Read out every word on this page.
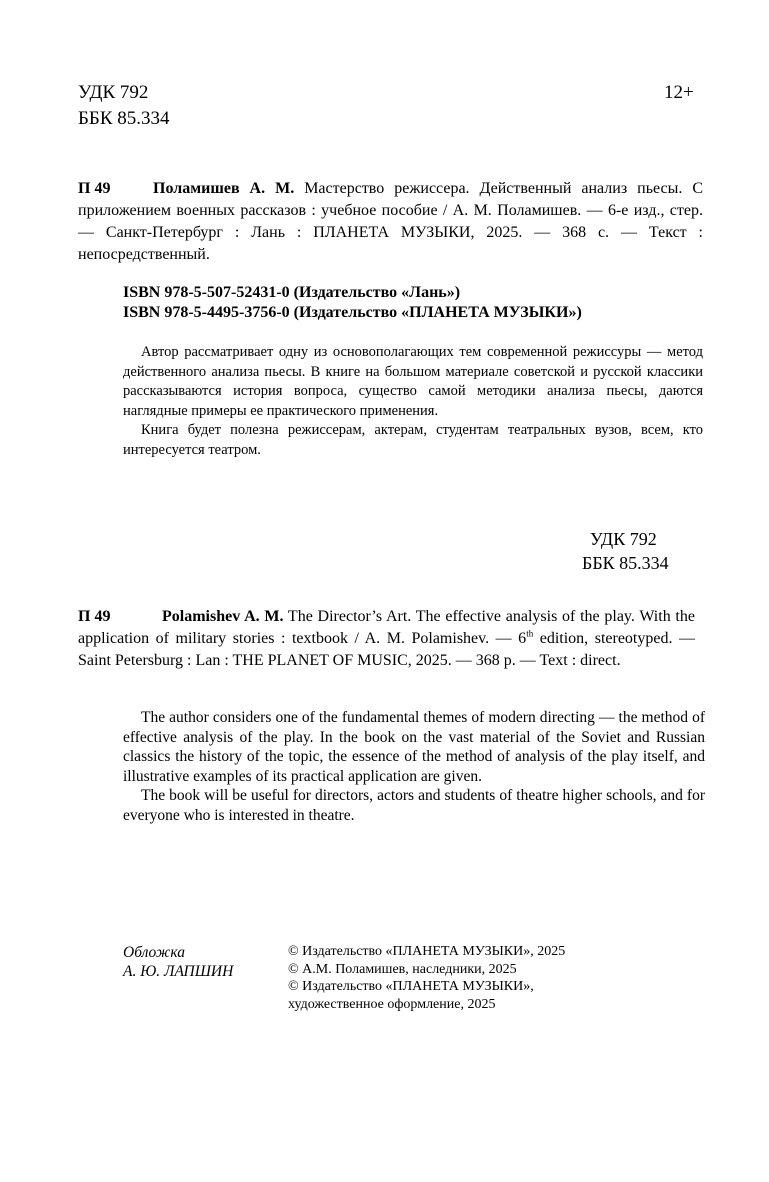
УДК 792
ББК 85.334
12+
П 49	Поламишев А. М. Мастерство режиссера. Действенный анализ пьесы. С приложением военных рассказов : учебное пособие / А. М. Поламишев. — 6-е изд., стер. — Санкт-Петербург : Лань : ПЛАНЕТА МУЗЫКИ, 2025. — 368 с. — Текст : непосредственный.

ISBN 978-5-507-52431-0 (Издательство «Лань»)
ISBN 978-5-4495-3756-0 (Издательство «ПЛАНЕТА МУЗЫКИ»)

Автор рассматривает одну из основополагающих тем современной режиссуры — метод действенного анализа пьесы. В книге на большом материале советской и русской классики рассказываются история вопроса, существо самой методики анализа пьесы, даются наглядные примеры ее практического применения.

Книга будет полезна режиссерам, актерам, студентам театральных вузов, всем, кто интересуется театром.

УДК 792
ББК 85.334
П 49	Polamishev A. M. The Director’s Art. The effective analysis of the play. With the application of military stories : textbook / A. M. Polamishev. — 6th edition, stereotyped. — Saint Petersburg : Lan : THE PLANET OF MUSIC, 2025. — 368 p. — Text : direct.

The author considers one of the fundamental themes of modern directing — the method of effective analysis of the play. In the book on the vast material of the Soviet and Russian classics the history of the topic, the essence of the method of analysis of the play itself, and illustrative examples of its practical application are given.

The book will be useful for directors, actors and students of theatre higher schools, and for everyone who is interested in theatre.

Обложка
А. Ю. ЛАПШИН
© Издательство «ПЛАНЕТА МУЗЫКИ», 2025
© А.М. Поламишев, наследники, 2025
© Издательство «ПЛАНЕТА МУЗЫКИ»,
художественное оформление, 2025
